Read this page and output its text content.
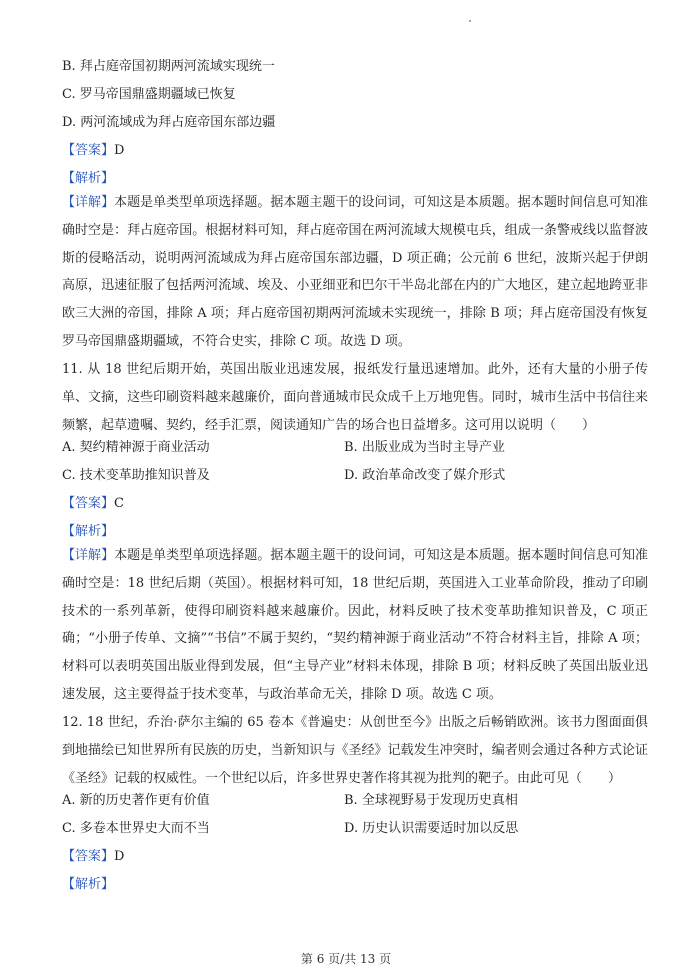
B. 拜占庭帝国初期两河流域实现统一
C. 罗马帝国鼎盛期疆域已恢复
D. 两河流域成为拜占庭帝国东部边疆
【答案】D
【解析】
【详解】本题是单类型单项选择题。据本题主题干的设问词，可知这是本质题。据本题时间信息可知准确时空是：拜占庭帝国。根据材料可知，拜占庭帝国在两河流域大规模屯兵，组成一条警戒线以监督波斯的侵略活动，说明两河流域成为拜占庭帝国东部边疆，D 项正确；公元前 6 世纪，波斯兴起于伊朗高原，迅速征服了包括两河流域、埃及、小亚细亚和巴尔干半岛北部在内的广大地区，建立起地跨亚非欧三大洲的帝国，排除 A 项；拜占庭帝国初期两河流域未实现统一，排除 B 项；拜占庭帝国没有恢复罗马帝国鼎盛期疆域，不符合史实，排除 C 项。故选 D 项。
11. 从 18 世纪后期开始，英国出版业迅速发展，报纸发行量迅速增加。此外，还有大量的小册子传单、文摘，这些印刷资料越来越廉价，面向普通城市民众成千上万地兜售。同时，城市生活中书信往来频繁，起草遗嘱、契约，经手汇票，阅读通知广告的场合也日益增多。这可用以说明（　　）
A. 契约精神源于商业活动	B. 出版业成为当时主导产业
C. 技术变革助推知识普及	D. 政治革命改变了媒介形式
【答案】C
【解析】
【详解】本题是单类型单项选择题。据本题主题干的设问词，可知这是本质题。据本题时间信息可知准确时空是：18 世纪后期（英国）。根据材料可知，18 世纪后期，英国进入工业革命阶段，推动了印刷技术的一系列革新，使得印刷资料越来越廉价。因此，材料反映了技术变革助推知识普及，C 项正确；“小册子传单、文摘”“书信”不属于契约，“契约精神源于商业活动”不符合材料主旨，排除 A 项；材料可以表明英国出版业得到发展，但“主导产业”材料未体现，排除 B 项；材料反映了英国出版业迅速发展，这主要得益于技术变革，与政治革命无关，排除 D 项。故选 C 项。
12. 18 世纪，乔治·萨尔主编的 65 卷本《普遍史：从创世至今》出版之后畅销欧洲。该书力图面面俱到地描绘已知世界所有民族的历史，当新知识与《圣经》记载发生冲突时，编者则会通过各种方式论证《圣经》记载的权威性。一个世纪以后，许多世界史著作将其视为批判的靶子。由此可见（　　）
A. 新的历史著作更有价值	B. 全球视野易于发现历史真相
C. 多卷本世界史大而不当	D. 历史认识需要适时加以反思
【答案】D
【解析】
第 6 页/共 13 页
